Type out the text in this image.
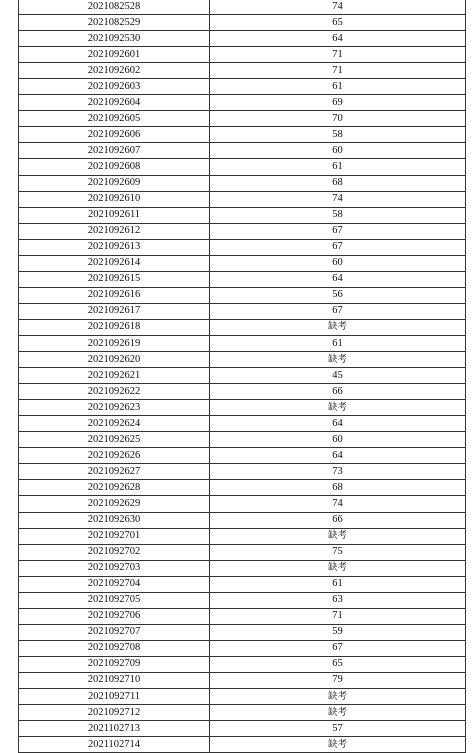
2021082528	74
2021082529	65
2021092530	64
2021092601	71
2021092602	71
2021092603	61
2021092604	69
2021092605	70
2021092606	58
2021092607	60
2021092608	61
2021092609	68
2021092610	74
2021092611	58
2021092612	67
2021092613	67
2021092614	60
2021092615	64
2021092616	56
2021092617	67
2021092618	缺考
2021092619	61
2021092620	缺考
2021092621	45
2021092622	66
2021092623	缺考
2021092624	64
2021092625	60
2021092626	64
2021092627	73
2021092628	68
2021092629	74
2021092630	66
2021092701	缺考
2021092702	75
2021092703	缺考
2021092704	61
2021092705	63
2021092706	71
2021092707	59
2021092708	67
2021092709	65
2021092710	79
2021092711	缺考
2021092712	缺考
2021102713	57
2021102714	缺考
